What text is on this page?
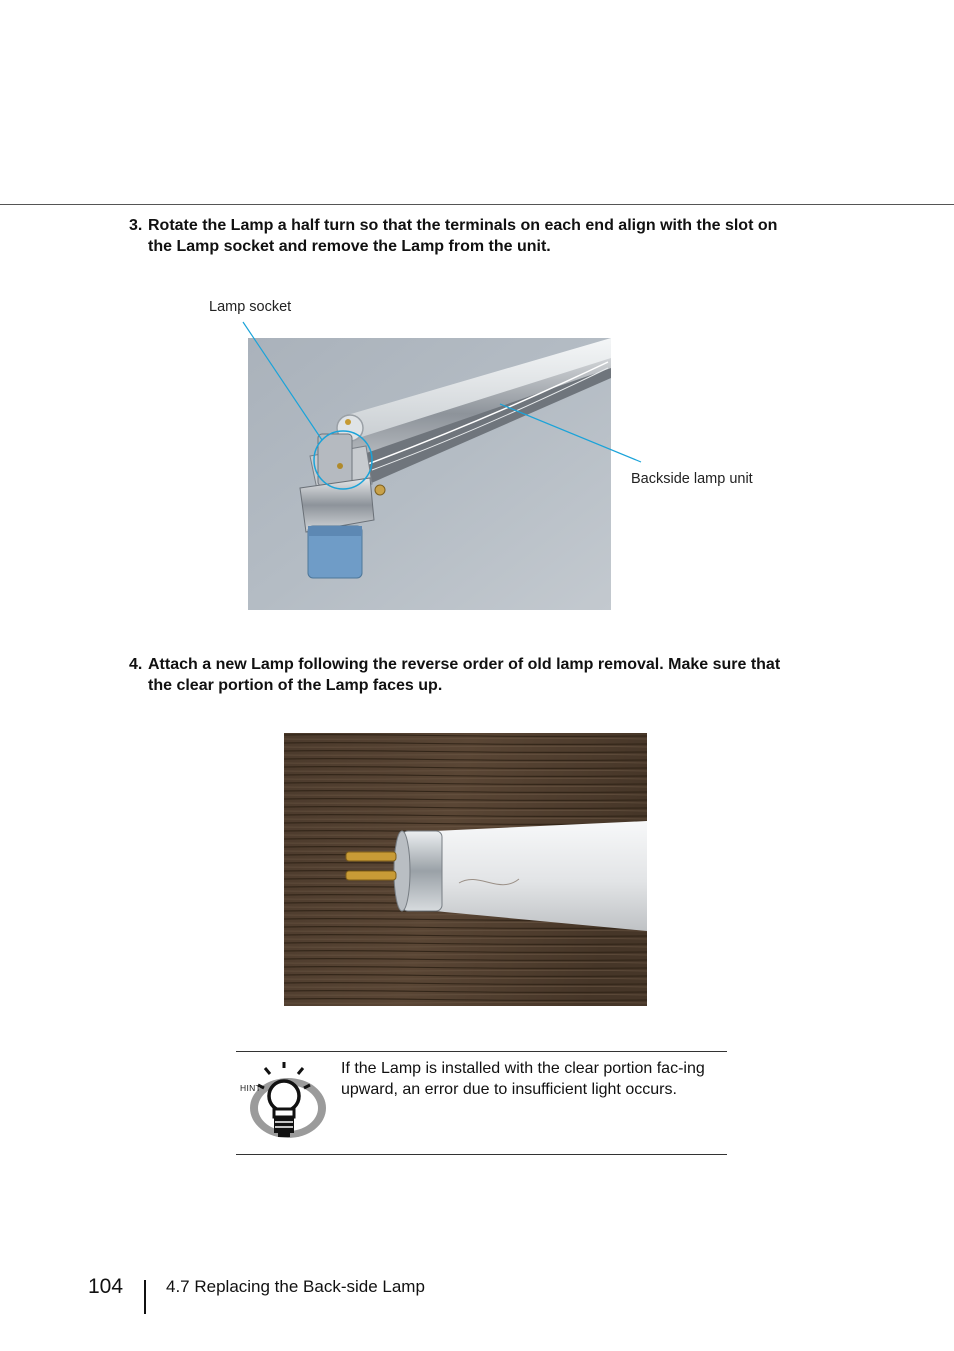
3. Rotate the Lamp a half turn so that the terminals on each end align with the slot on
the Lamp socket and remove the Lamp from the unit.

Lamp socket
Backside lamp unit

4. Attach a new Lamp following the reverse order of old lamp removal. Make sure that
the clear portion of the Lamp faces up.

HINT

If the Lamp is installed with the clear portion fac-ing upward, an error due to insufficient light occurs.

104	4.7 Replacing the Back-side Lamp
